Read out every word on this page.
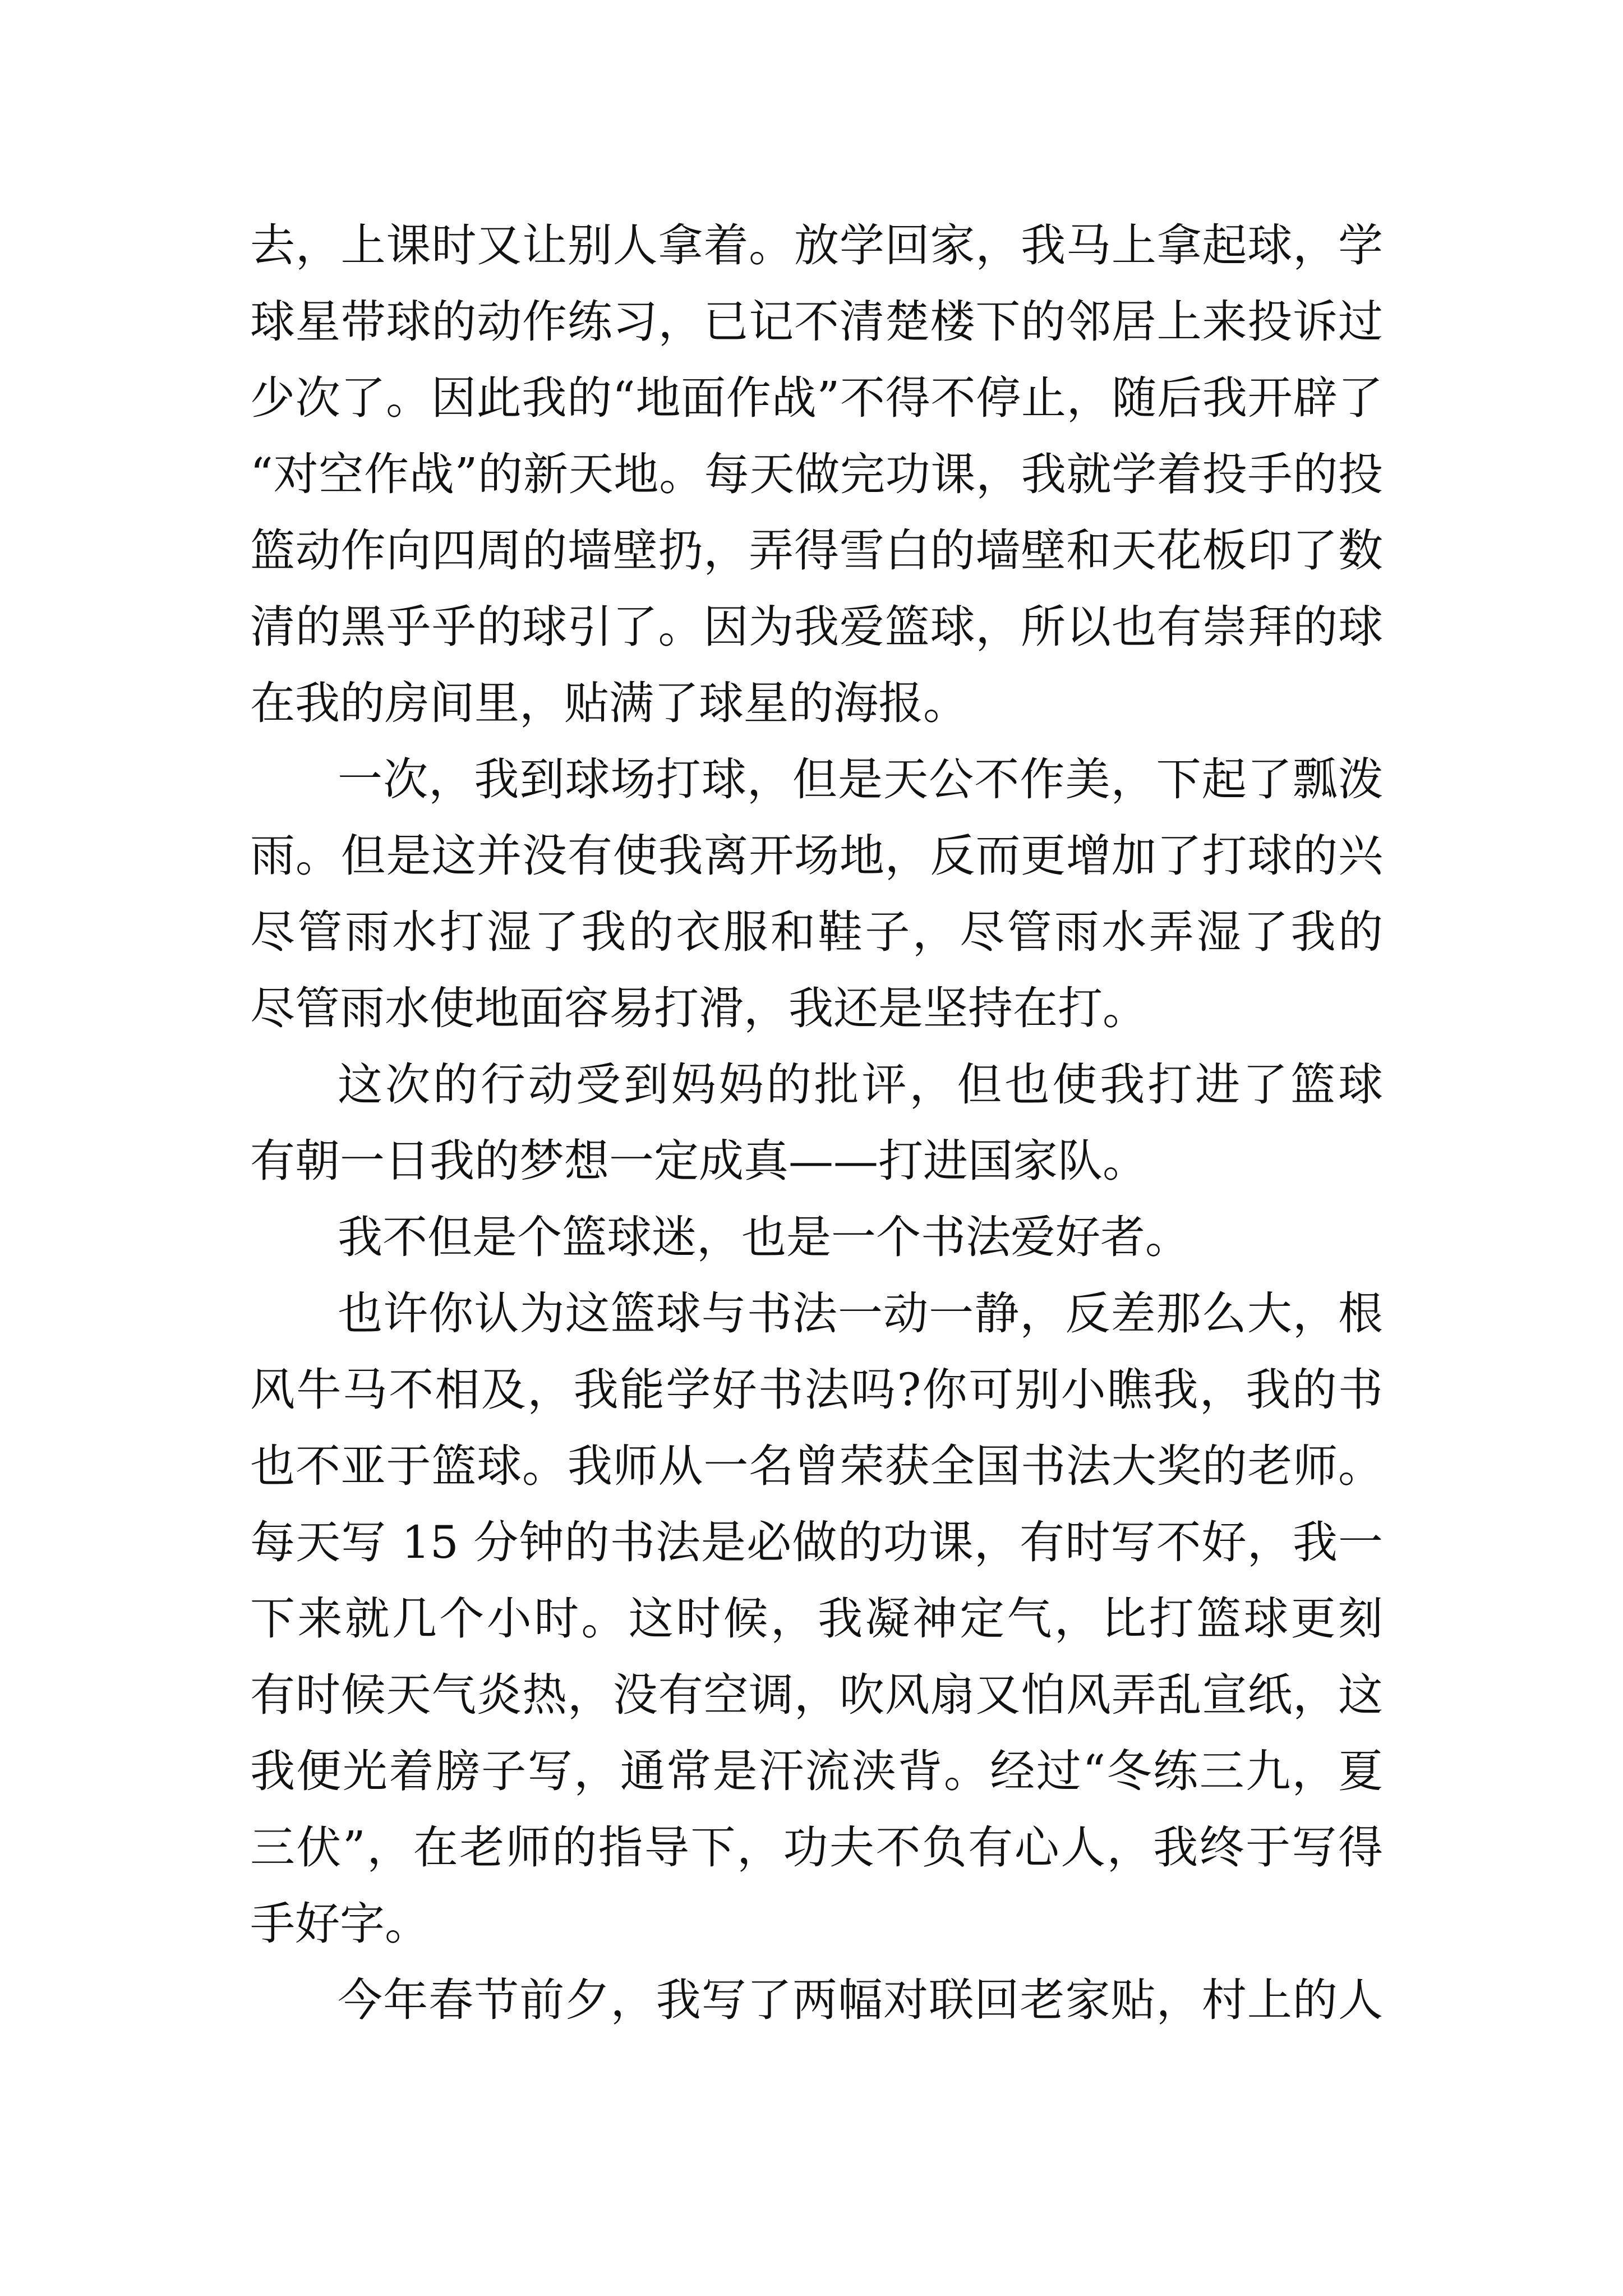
去，上课时又让别人拿着。放学回家，我马上拿起球，学
球星带球的动作练习，已记不清楚楼下的邻居上来投诉过
少次了。因此我的“地面作战”不得不停止，随后我开辟了
“对空作战”的新天地。每天做完功课，我就学着投手的投
篮动作向四周的墙壁扔，弄得雪白的墙壁和天花板印了数
清的黑乎乎的球引了。因为我爱篮球，所以也有崇拜的球
在我的房间里，贴满了球星的海报。
一次，我到球场打球，但是天公不作美，下起了瓢泼
雨。但是这并没有使我离开场地，反而更增加了打球的兴
尽管雨水打湿了我的衣服和鞋子，尽管雨水弄湿了我的
尽管雨水使地面容易打滑，我还是坚持在打。
这次的行动受到妈妈的批评，但也使我打进了篮球
有朝一日我的梦想一定成真——打进国家队。
我不但是个篮球迷，也是一个书法爱好者。
也许你认为这篮球与书法一动一静，反差那么大，根
风牛马不相及，我能学好书法吗?你可别小瞧我，我的书
也不亚于篮球。我师从一名曾荣获全国书法大奖的老师。
每天写 15 分钟的书法是必做的功课，有时写不好，我一
下来就几个小时。这时候，我凝神定气，比打篮球更刻
有时候天气炎热，没有空调，吹风扇又怕风弄乱宣纸，这
我便光着膀子写，通常是汗流浃背。经过“冬练三九，夏
三伏”，在老师的指导下，功夫不负有心人，我终于写得
手好字。
今年春节前夕，我写了两幅对联回老家贴，村上的人
